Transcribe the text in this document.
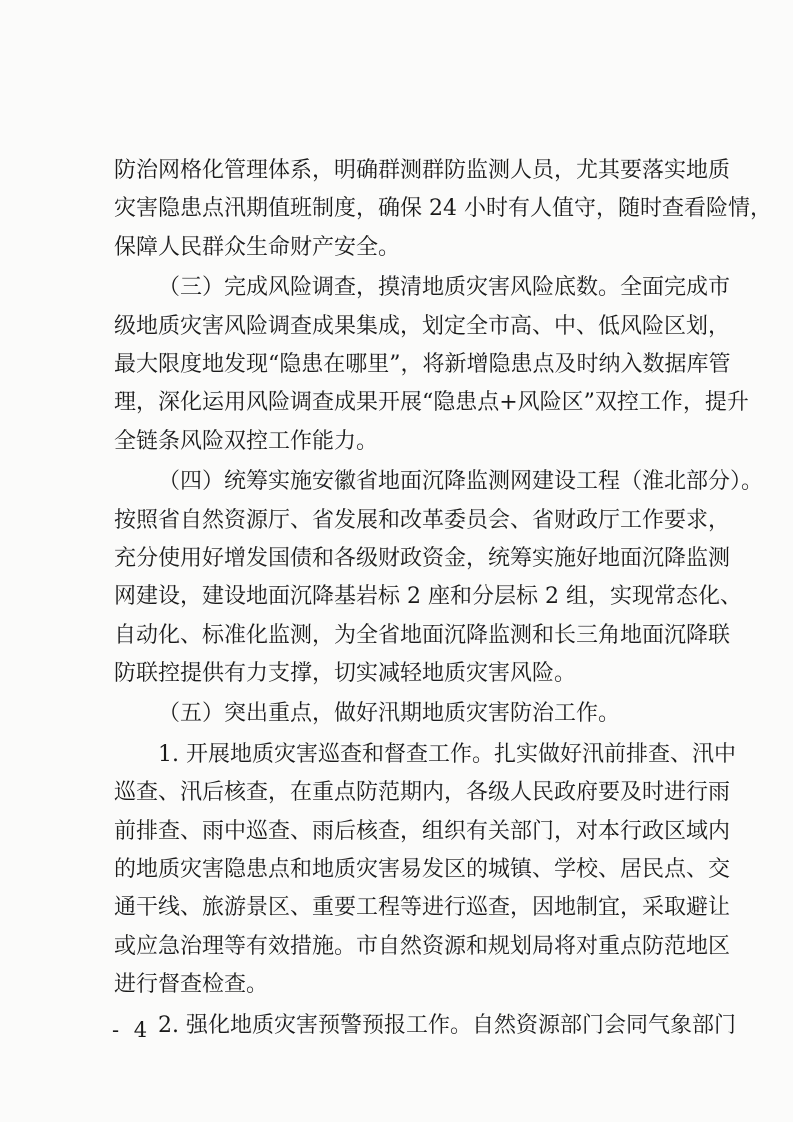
防治网格化管理体系，明确群测群防监测人员，尤其要落实地质
灾害隐患点汛期值班制度，确保 24 小时有人值守，随时查看险情，
保障人民群众生命财产安全。
（三）完成风险调查，摸清地质灾害风险底数。全面完成市
级地质灾害风险调查成果集成，划定全市高、中、低风险区划，
最大限度地发现“隐患在哪里”，将新增隐患点及时纳入数据库管
理，深化运用风险调查成果开展“隐患点+风险区”双控工作，提升
全链条风险双控工作能力。
（四）统筹实施安徽省地面沉降监测网建设工程（淮北部分）。
按照省自然资源厅、省发展和改革委员会、省财政厅工作要求，
充分使用好增发国债和各级财政资金，统筹实施好地面沉降监测
网建设，建设地面沉降基岩标 2 座和分层标 2 组，实现常态化、
自动化、标准化监测，为全省地面沉降监测和长三角地面沉降联
防联控提供有力支撑，切实减轻地质灾害风险。
（五）突出重点，做好汛期地质灾害防治工作。
1. 开展地质灾害巡查和督查工作。扎实做好汛前排查、汛中
巡查、汛后核查，在重点防范期内，各级人民政府要及时进行雨
前排查、雨中巡查、雨后核查，组织有关部门，对本行政区域内
的地质灾害隐患点和地质灾害易发区的城镇、学校、居民点、交
通干线、旅游景区、重要工程等进行巡查，因地制宜，采取避让
或应急治理等有效措施。市自然资源和规划局将对重点防范地区
进行督查检查。
2. 强化地质灾害预警预报工作。自然资源部门会同气象部门
- 4 -
